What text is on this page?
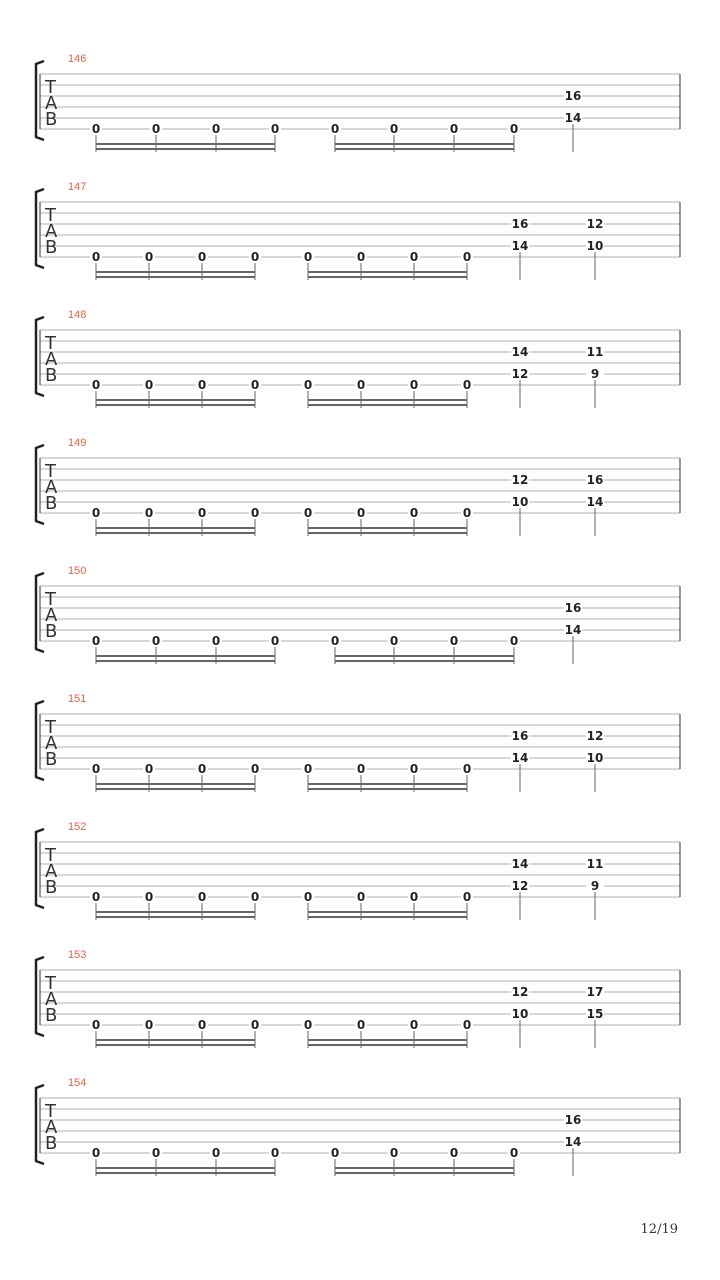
146
T
A
B	0	0	0	0	0	0	0	0
16
14
147
T
A
B	0	0	0	0	0	0	0	0
16
14
12
10
148
T
A
B	0	0	0	0	0	0	0	0
14
12
11
9
149
T
A
B	0	0	0	0	0	0	0	0
12
10
16
14
150
T
A
B	0	0	0	0	0	0	0	0
16
14
151
T
A
B	0	0	0	0	0	0	0	0
16
14
12
10
152
T
A
B	0	0	0	0	0	0	0	0
14
12
11
9
153
T
A
B	0	0	0	0	0	0	0	0
12
10
17
15
154
T
A
B	0	0	0	0	0	0	0	0
16
14
12/19
